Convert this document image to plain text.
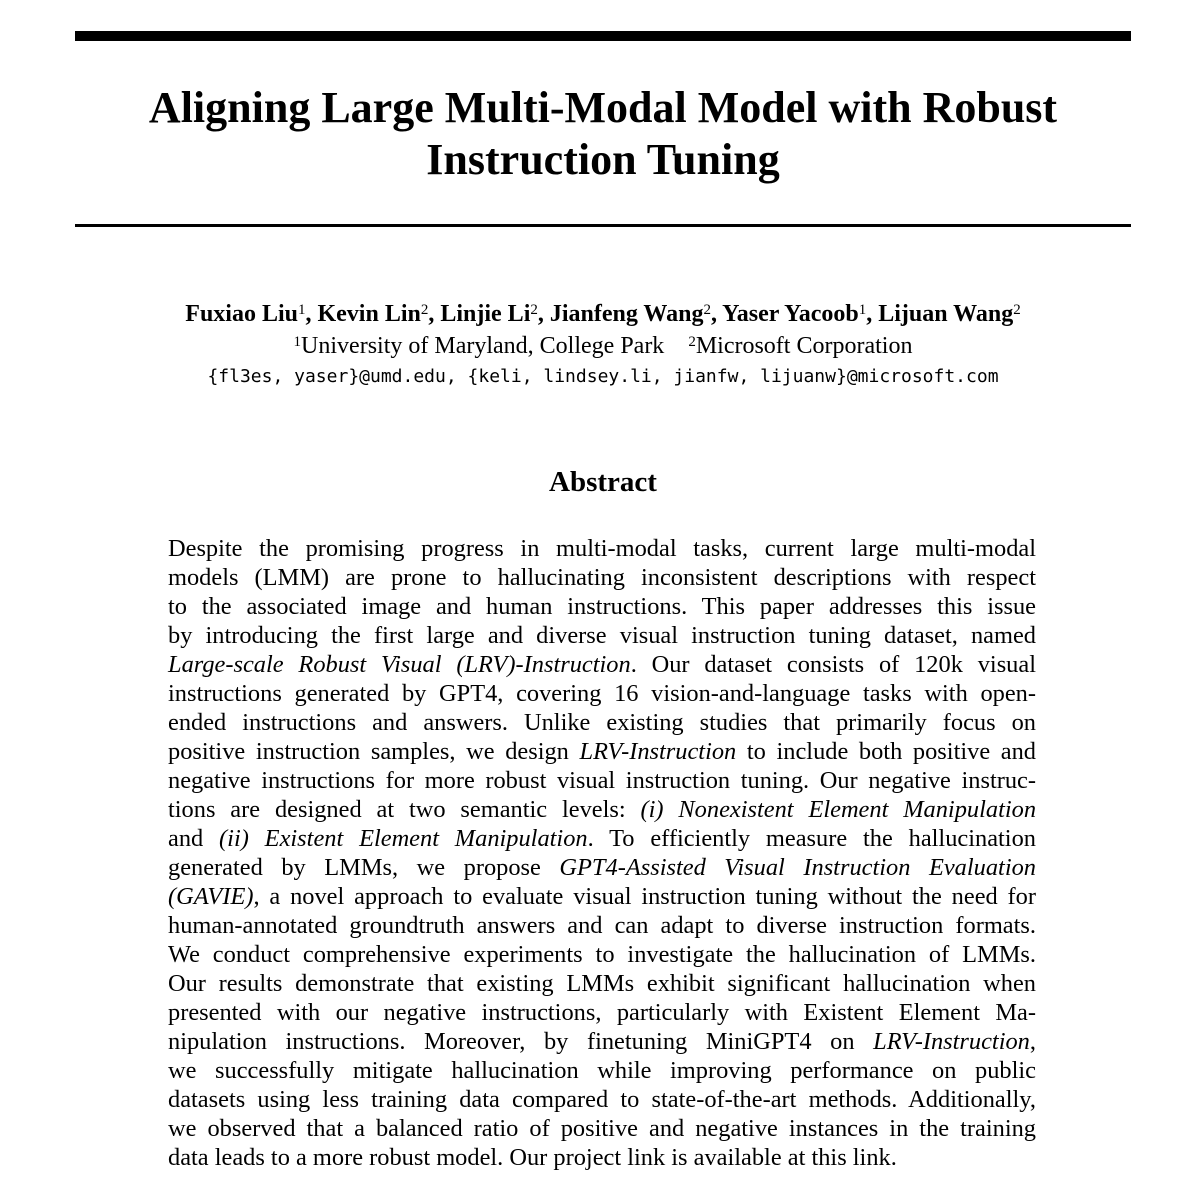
Aligning Large Multi-Modal Model with Robust
Instruction Tuning
Fuxiao Liu$^1$, Kevin Lin$^2$, Linjie Li$^2$, Jianfeng Wang$^2$, Yaser Yacoob$^1$, Lijuan Wang$^2$
$^1$University of Maryland, College Park $^2$Microsoft Corporation
{fl3es, yaser}@umd.edu, {keli, lindsey.li, jianfw, lijuanw}@microsoft.com
Abstract
Despite the promising progress in multi-modal tasks, current large multi-modal
models (LMM) are prone to hallucinating inconsistent descriptions with respect
to the associated image and human instructions. This paper addresses this issue
by introducing the first large and diverse visual instruction tuning dataset, named
Large-scale Robust Visual (LRV)-Instruction. Our dataset consists of 120k visual
instructions generated by GPT4, covering 16 vision-and-language tasks with open-
ended instructions and answers. Unlike existing studies that primarily focus on
positive instruction samples, we design LRV-Instruction to include both positive and
negative instructions for more robust visual instruction tuning. Our negative instruc-
tions are designed at two semantic levels: (i) Nonexistent Element Manipulation
and (ii) Existent Element Manipulation. To efficiently measure the hallucination
generated by LMMs, we propose GPT4-Assisted Visual Instruction Evaluation
(GAVIE), a novel approach to evaluate visual instruction tuning without the need for
human-annotated groundtruth answers and can adapt to diverse instruction formats.
We conduct comprehensive experiments to investigate the hallucination of LMMs.
Our results demonstrate that existing LMMs exhibit significant hallucination when
presented with our negative instructions, particularly with Existent Element Ma-
nipulation instructions. Moreover, by finetuning MiniGPT4 on LRV-Instruction,
we successfully mitigate hallucination while improving performance on public
datasets using less training data compared to state-of-the-art methods. Additionally,
we observed that a balanced ratio of positive and negative instances in the training
data leads to a more robust model. Our project link is available at this link.
